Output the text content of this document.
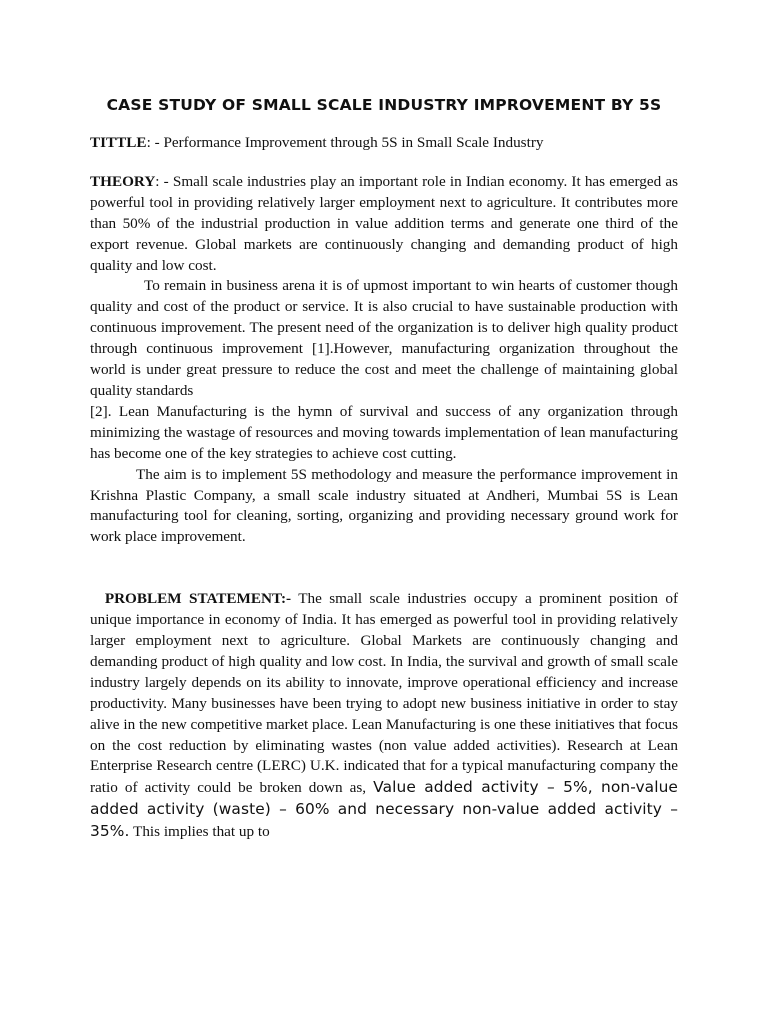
CASE STUDY OF SMALL SCALE INDUSTRY IMPROVEMENT BY 5S

TITTLE: - Performance Improvement through 5S in Small Scale Industry

THEORY: - Small scale industries play an important role in Indian economy. It has emerged as powerful tool in providing relatively larger employment next to agriculture. It contributes more than 50% of the industrial production in value addition terms and generate one third of the export revenue. Global markets are continuously changing and demanding product of high quality and low cost.

To remain in business arena it is of upmost important to win hearts of customer though quality and cost of the product or service. It is also crucial to have sustainable production with continuous improvement. The present need of the organization is to deliver high quality product through continuous improvement [1].However, manufacturing organization throughout the world is under great pressure to reduce the cost and meet the challenge of maintaining global quality standards

[2]. Lean Manufacturing is the hymn of survival and success of any organization through minimizing the wastage of resources and moving towards implementation of lean manufacturing has become one of the key strategies to achieve cost cutting.

The aim is to implement 5S methodology and measure the performance improvement in Krishna Plastic Company, a small scale industry situated at Andheri, Mumbai 5S is Lean manufacturing tool for cleaning, sorting, organizing and providing necessary ground work for work place improvement.

PROBLEM STATEMENT:- The small scale industries occupy a prominent position of unique importance in economy of India. It has emerged as powerful tool in providing relatively larger employment next to agriculture. Global Markets are continuously changing and demanding product of high quality and low cost. In India, the survival and growth of small scale industry largely depends on its ability to innovate, improve operational efficiency and increase productivity. Many businesses have been trying to adopt new business initiative in order to stay alive in the new competitive market place. Lean Manufacturing is one these initiatives that focus on the cost reduction by eliminating wastes (non value added activities). Research at Lean Enterprise Research centre (LERC) U.K. indicated that for a typical manufacturing company the ratio of activity could be broken down as, Value added activity – 5%, non-value added activity (waste) – 60% and necessary non-value added activity – 35%. This implies that up to
